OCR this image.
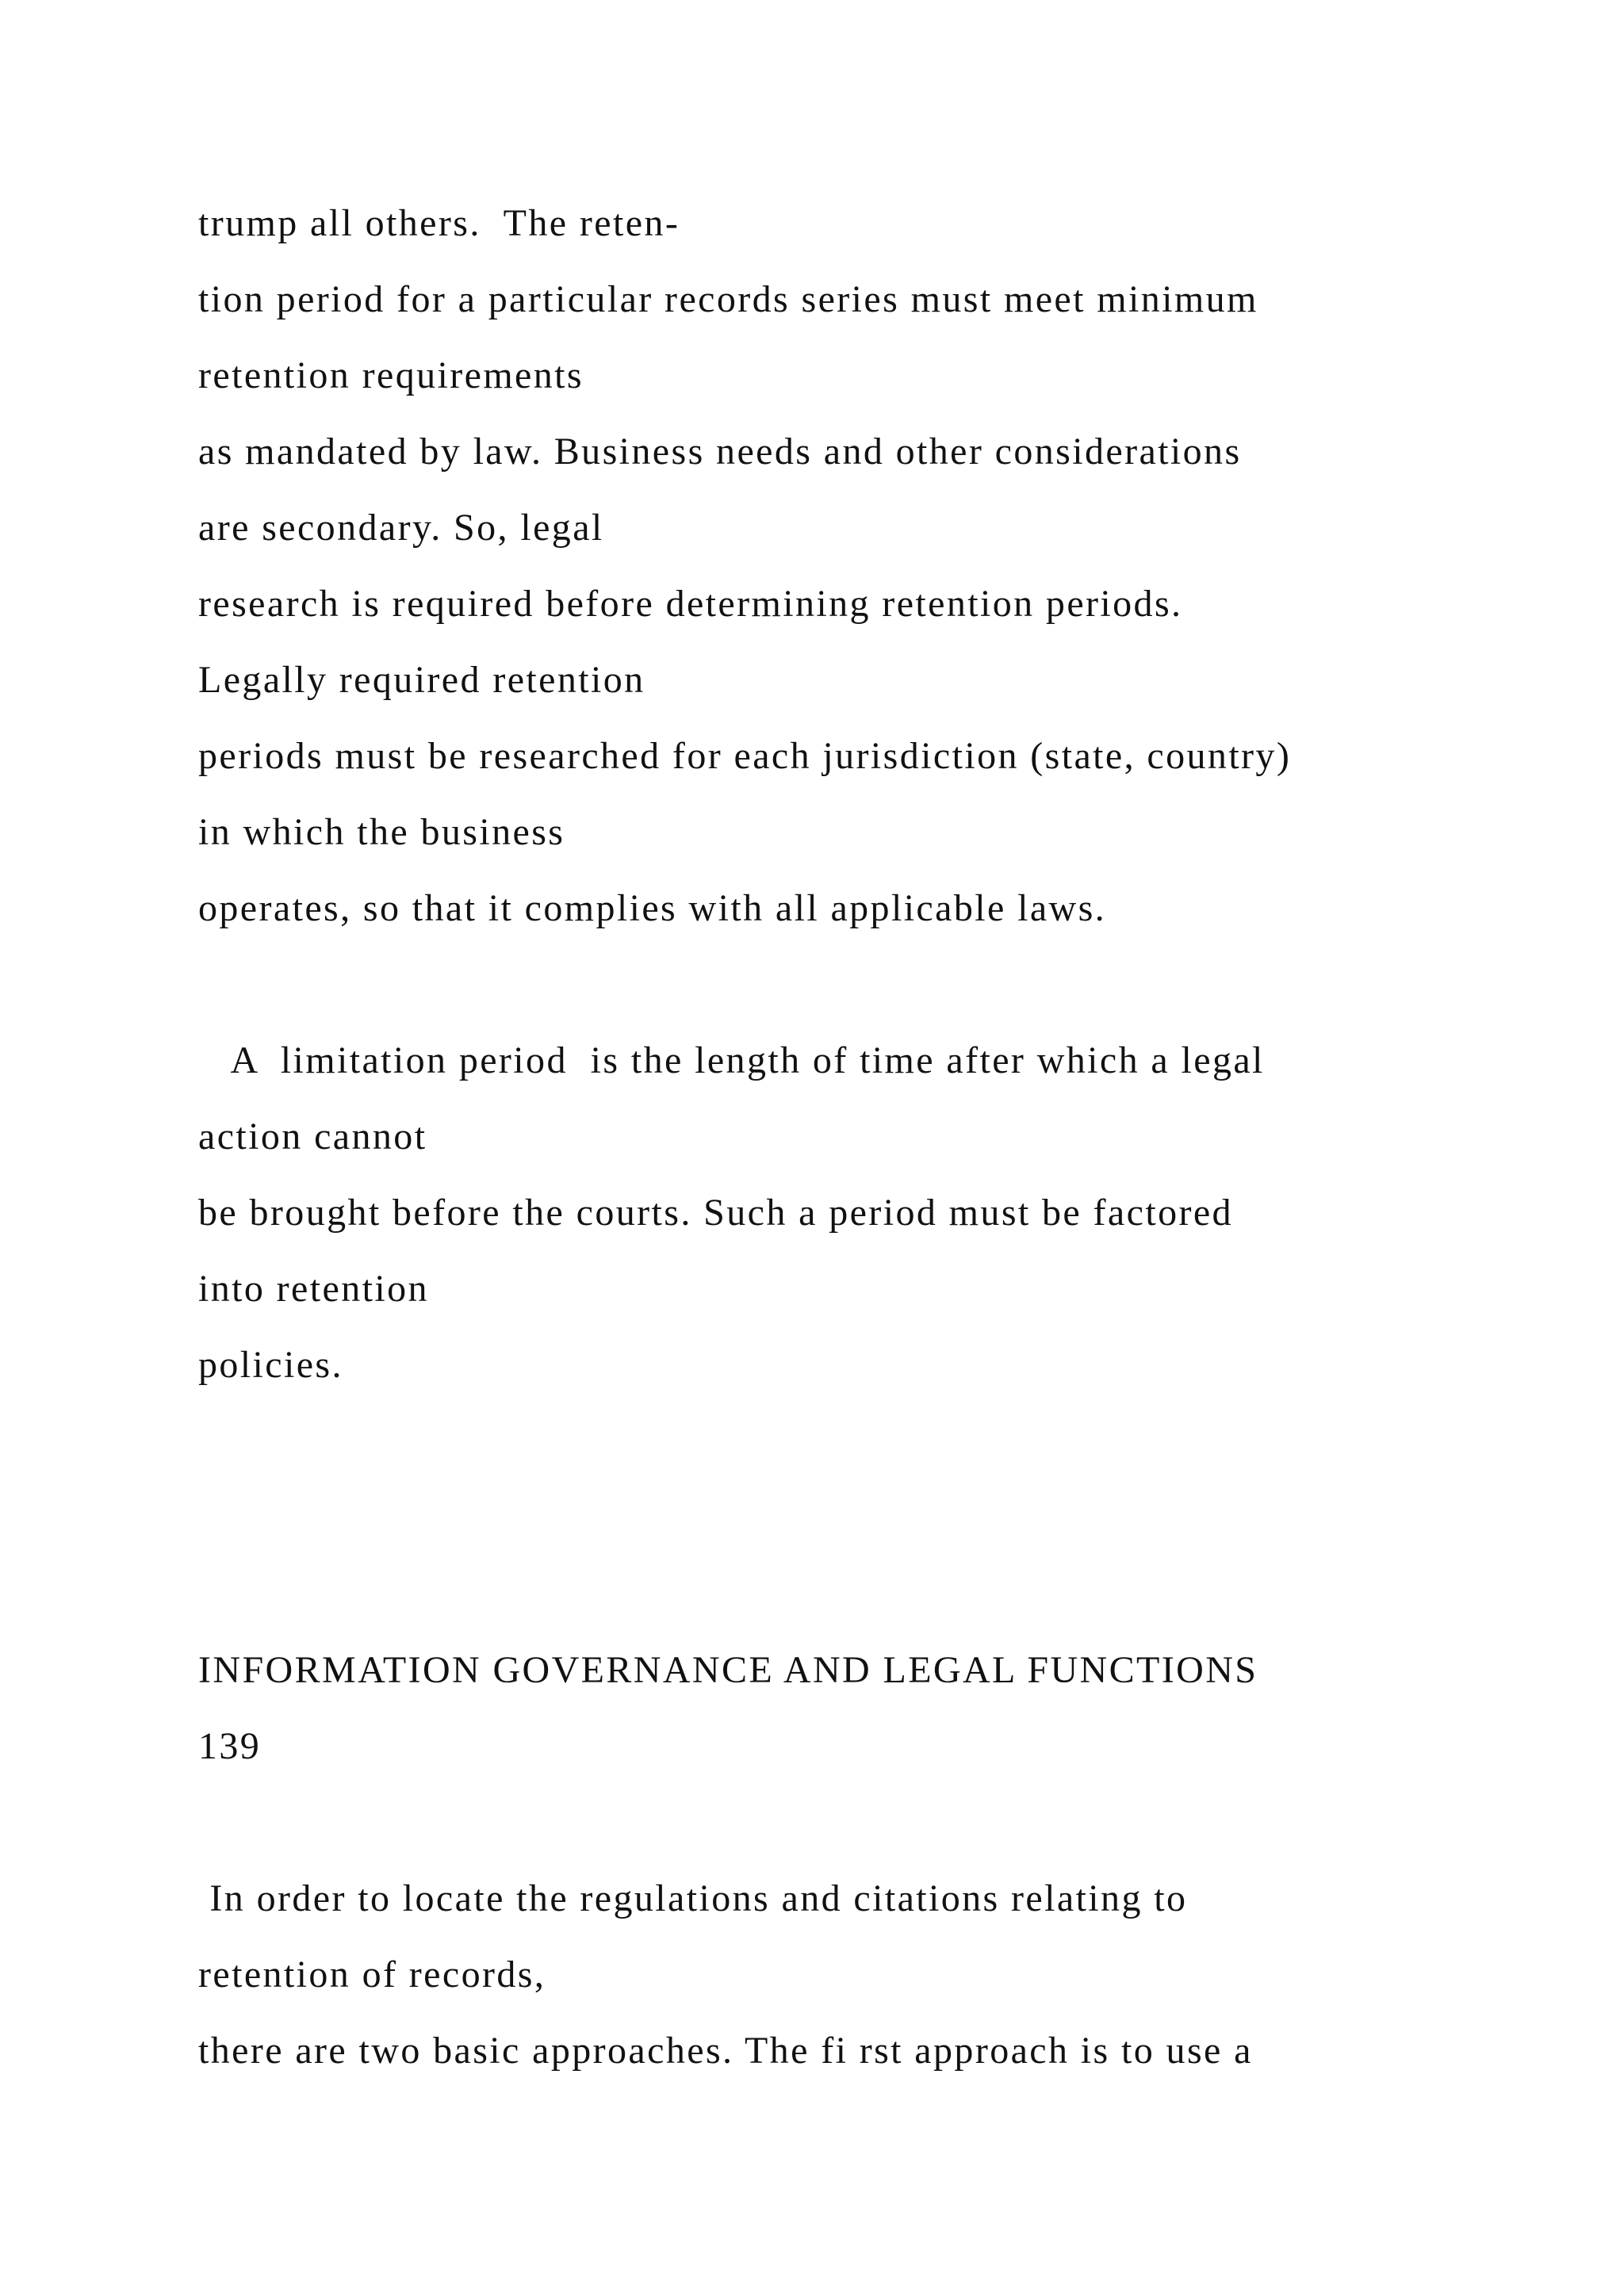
trump all others.  The reten-
tion period for a particular records series must meet minimum
retention requirements
as mandated by law. Business needs and other considerations
are secondary. So, legal
research is required before determining retention periods.
Legally required retention
periods must be researched for each jurisdiction (state, country)
in which the business
operates, so that it complies with all applicable laws.
A  limitation period  is the length of time after which a legal
action cannot
be brought before the courts. Such a period must be factored
into retention
policies.
INFORMATION GOVERNANCE AND LEGAL FUNCTIONS
139
In order to locate the regulations and citations relating to
retention of records,
there are two basic approaches. The fi rst approach is to use a
